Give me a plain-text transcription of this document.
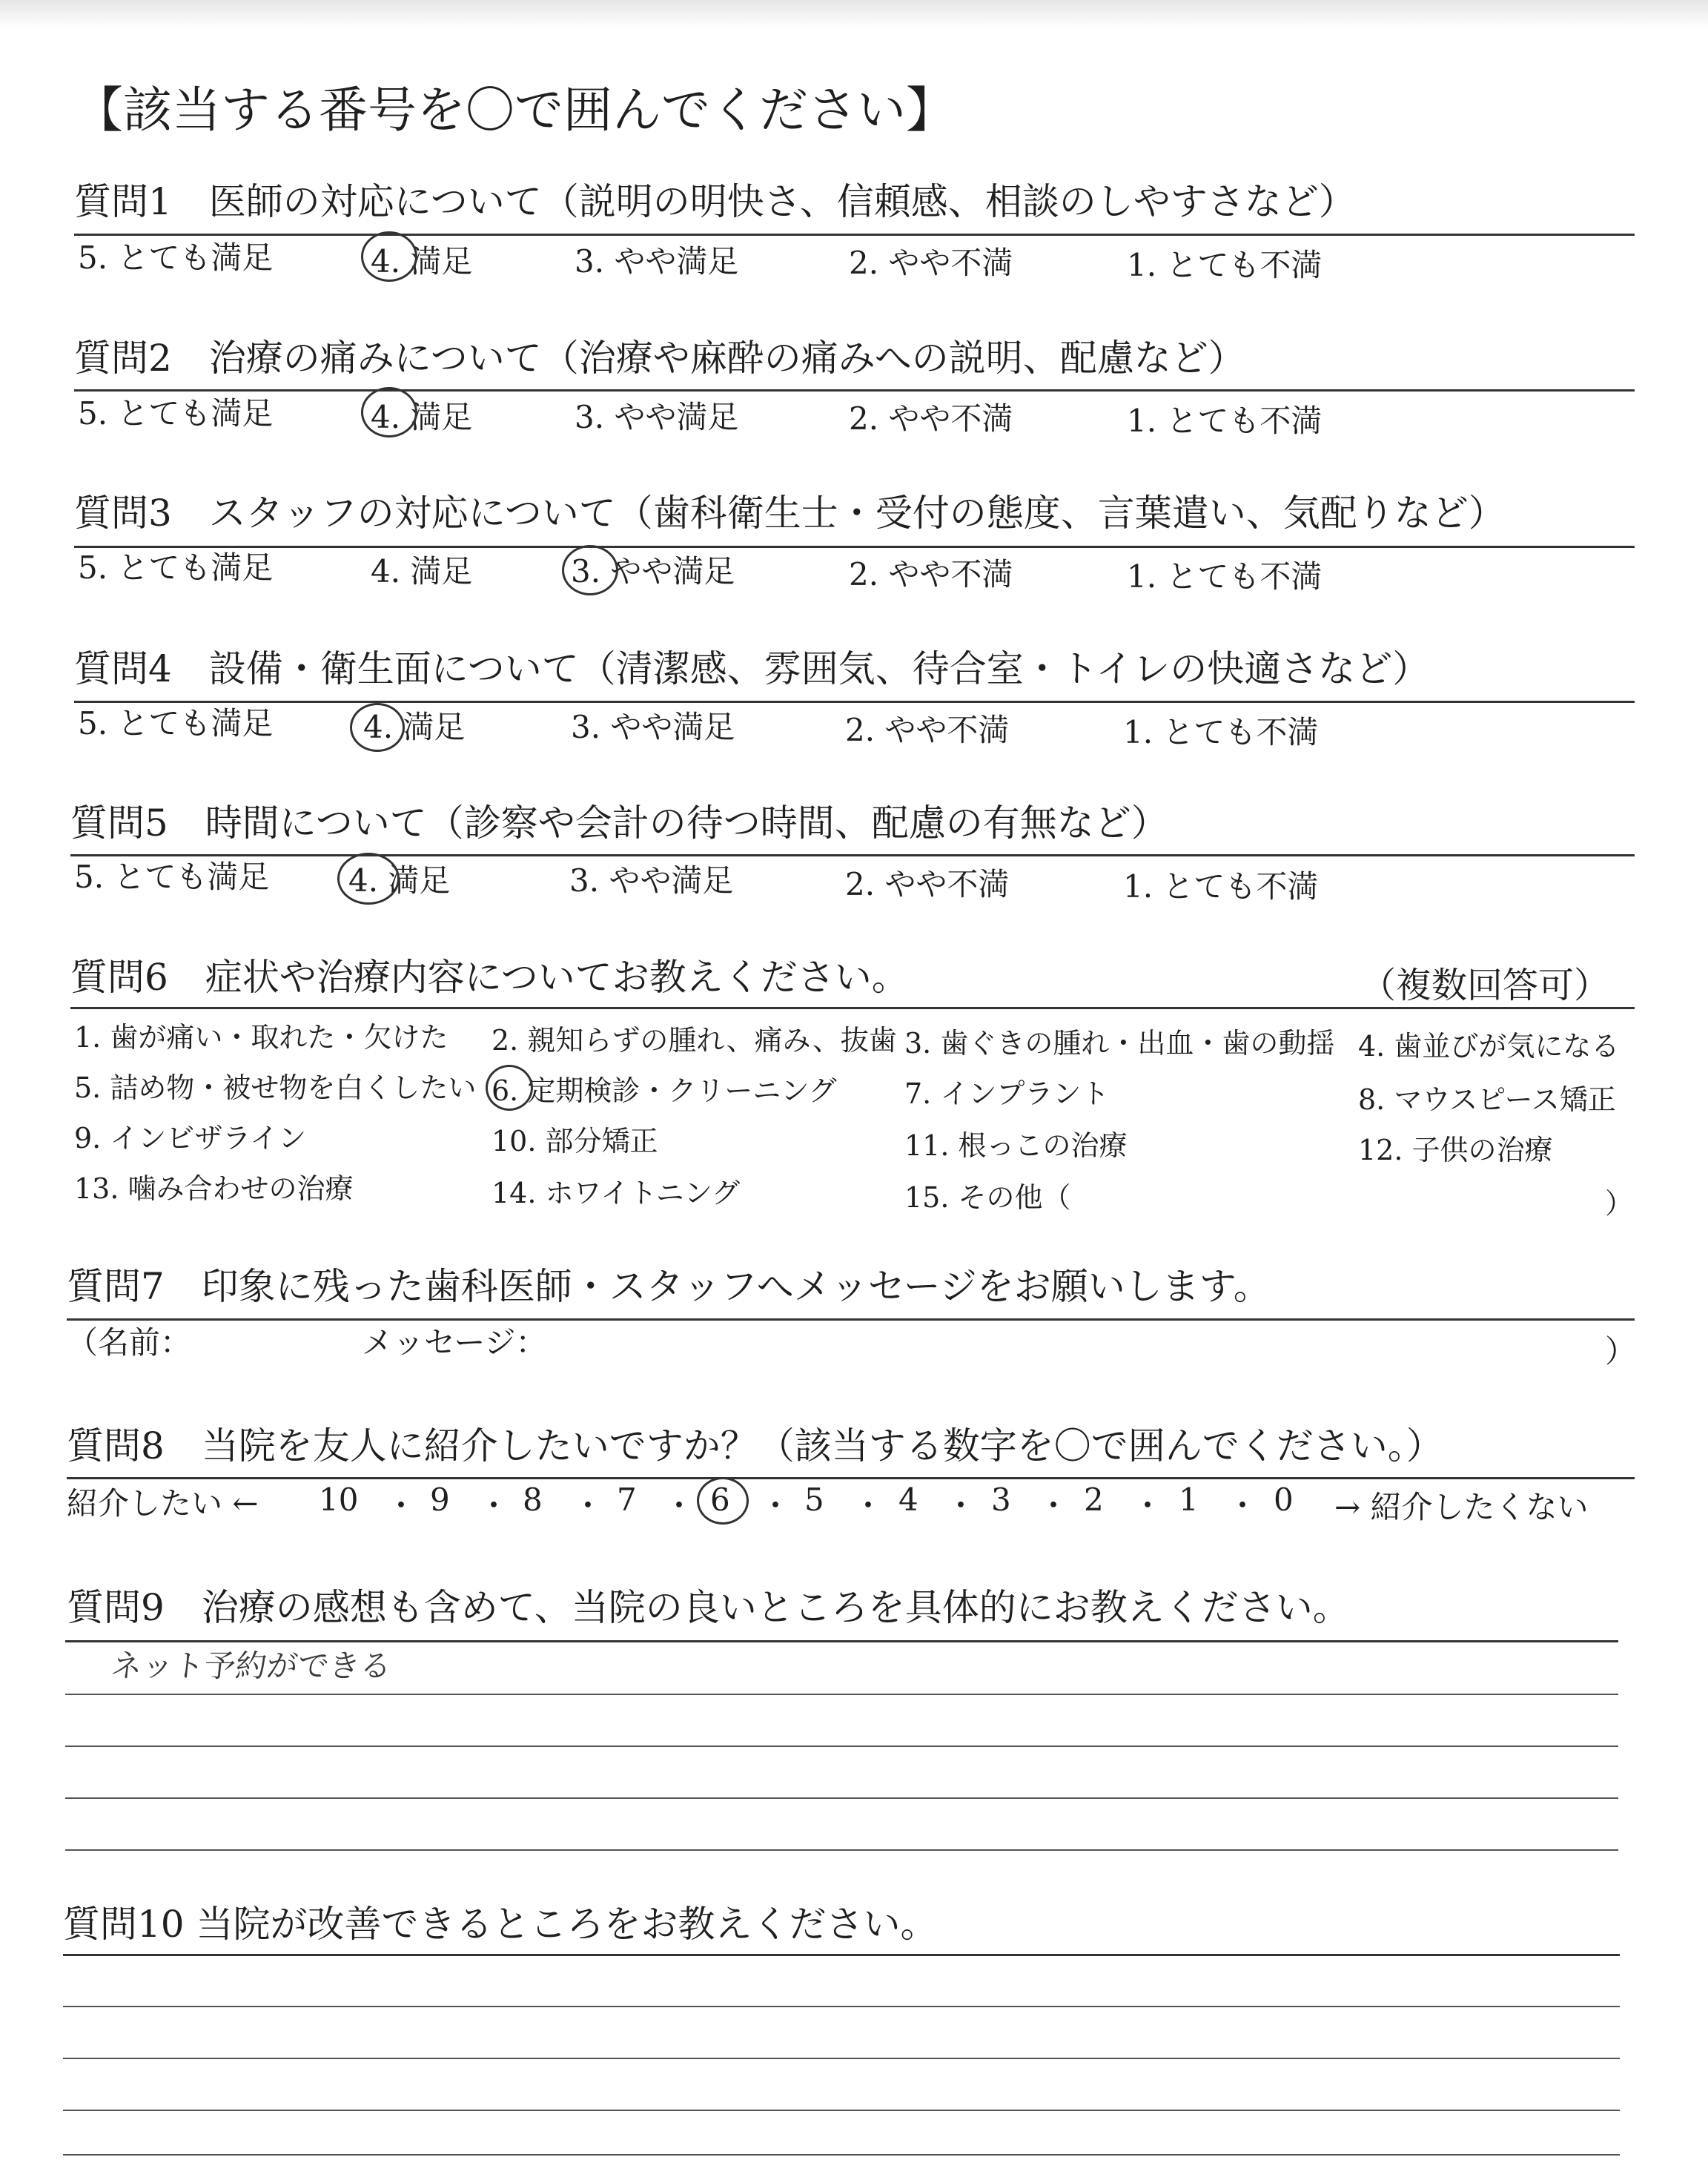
【該当する番号を〇で囲んでください】
質問1　医師の対応について（説明の明快さ、信頼感、相談のしやすさなど）
5. とても満足	4. 満足	3. やや満足	2. やや不満	1. とても不満
質問2　治療の痛みについて（治療や麻酔の痛みへの説明、配慮など）
5. とても満足	4. 満足	3. やや満足	2. やや不満	1. とても不満
質問3　スタッフの対応について（歯科衛生士・受付の態度、言葉遣い、気配りなど）
5. とても満足	4. 満足	3. やや満足	2. やや不満	1. とても不満
質問4　設備・衛生面について（清潔感、雰囲気、待合室・トイレの快適さなど）
5. とても満足	4. 満足	3. やや満足	2. やや不満	1. とても不満
質問5　時間について（診察や会計の待つ時間、配慮の有無など）
5. とても満足	4. 満足	3. やや満足	2. やや不満	1. とても不満
質問6　症状や治療内容についてお教えください。	（複数回答可）
1. 歯が痛い・取れた・欠けた 2. 親知らずの腫れ、痛み、抜歯 3. 歯ぐきの腫れ・出血・歯の動揺 4. 歯並びが気になる
5. 詰め物・被せ物を白くしたい 6. 定期検診・クリーニング 7. インプラント	8. マウスピース矯正
9. インビザライン	10. 部分矯正	11. 根っこの治療	12. 子供の治療
13. 噛み合わせの治療	14. ホワイトニング	15. その他（	）
質問7　印象に残った歯科医師・スタッフへメッセージをお願いします。
（名前：	メッセージ：	）
質問8　当院を友人に紹介したいですか？（該当する数字を〇で囲んでください。）
紹介したい ← 10 ・ 9 ・ 8 ・ 7 ・ 6 ・ 5 ・ 4 ・ 3 ・ 2 ・ 1 ・ 0 → 紹介したくない
質問9　治療の感想も含めて、当院の良いところを具体的にお教えください。
ネット予約ができる
質問10 当院が改善できるところをお教えください。
